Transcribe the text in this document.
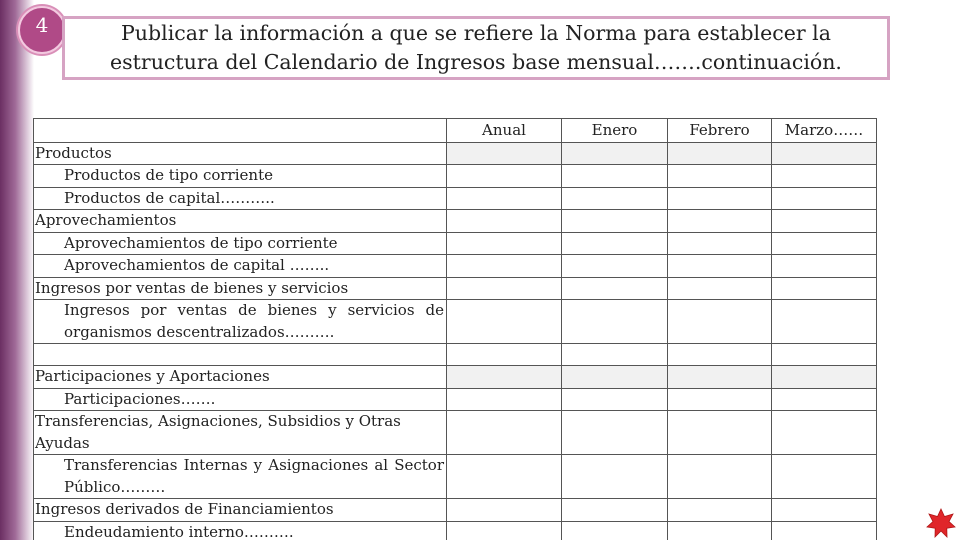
4	Publicar la información a que se refiere la Norma para establecer la
estructura del Calendario de Ingresos base mensual…….continuación.
	Anual	Enero	Febrero	Marzo……

Productos				

Productos de tipo corriente				

Productos de capital………..				

Aprovechamientos				

Aprovechamientos de tipo corriente				

Aprovechamientos de capital ……..				

Ingresos por ventas de bienes y servicios				

Ingresos por ventas de bienes y servicios de organismos descentralizados……….				

Participaciones y Aportaciones				

Participaciones…….				

Transferencias, Asignaciones, Subsidios y Otras Ayudas				

Transferencias Internas y Asignaciones al Sector Público………				

Ingresos derivados de Financiamientos				

Endeudamiento interno……….				
